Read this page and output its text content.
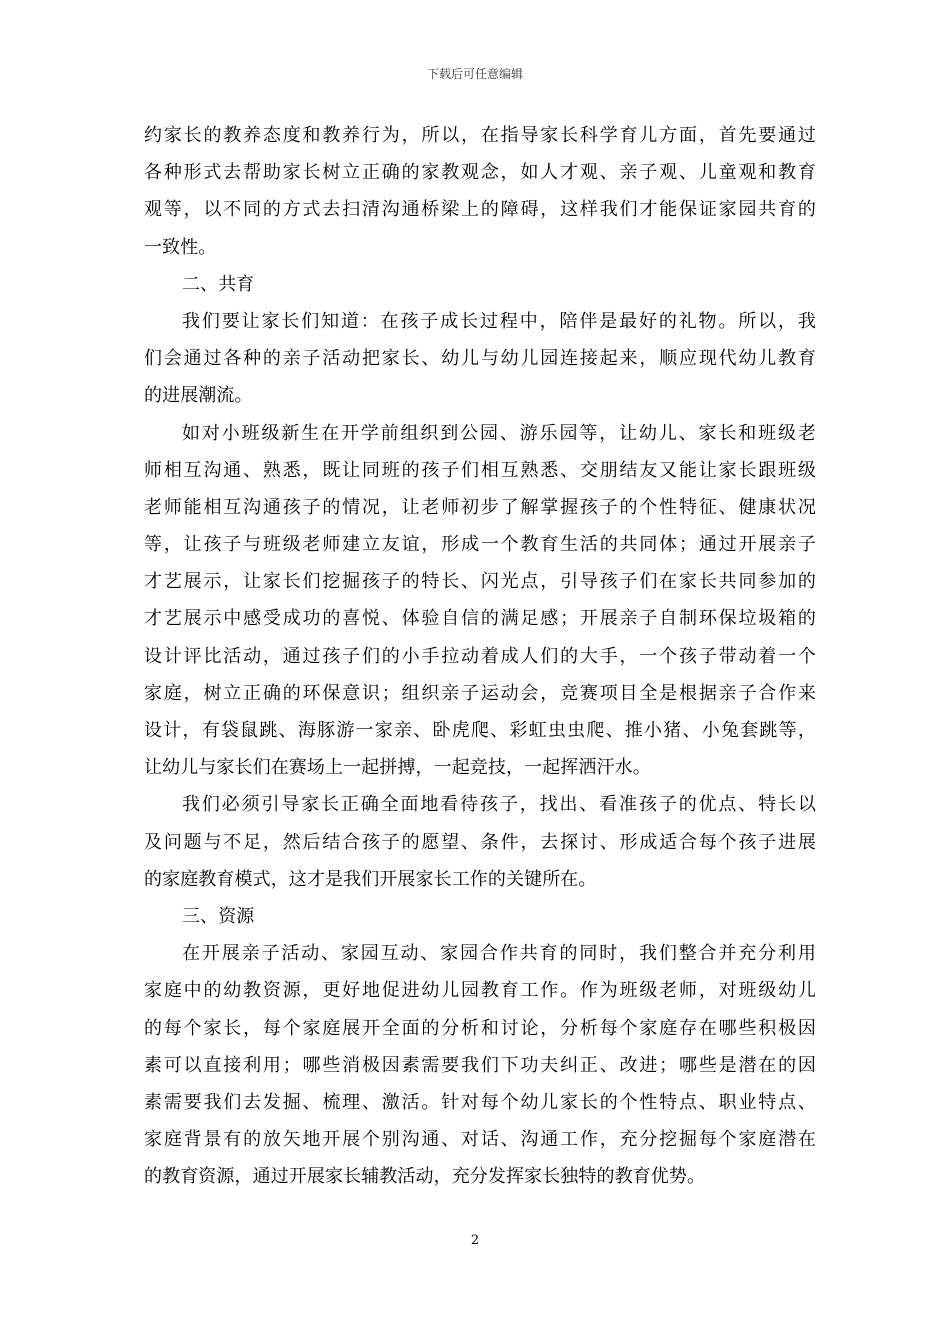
下载后可任意编辑
约家长的教养态度和教养行为，所以，在指导家长科学育儿方面，首先要通过
各种形式去帮助家长树立正确的家教观念，如人才观、亲子观、儿童观和教育
观等，以不同的方式去扫清沟通桥梁上的障碍，这样我们才能保证家园共育的
一致性。
二、共育
我们要让家长们知道：在孩子成长过程中，陪伴是最好的礼物。所以，我
们会通过各种的亲子活动把家长、幼儿与幼儿园连接起来，顺应现代幼儿教育
的进展潮流。
如对小班级新生在开学前组织到公园、游乐园等，让幼儿、家长和班级老
师相互沟通、熟悉，既让同班的孩子们相互熟悉、交朋结友又能让家长跟班级
老师能相互沟通孩子的情况，让老师初步了解掌握孩子的个性特征、健康状况
等，让孩子与班级老师建立友谊，形成一个教育生活的共同体；通过开展亲子
才艺展示，让家长们挖掘孩子的特长、闪光点，引导孩子们在家长共同参加的
才艺展示中感受成功的喜悦、体验自信的满足感；开展亲子自制环保垃圾箱的
设计评比活动，通过孩子们的小手拉动着成人们的大手，一个孩子带动着一个
家庭，树立正确的环保意识；组织亲子运动会，竞赛项目全是根据亲子合作来
设计，有袋鼠跳、海豚游一家亲、卧虎爬、彩虹虫虫爬、推小猪、小兔套跳等，
让幼儿与家长们在赛场上一起拼搏，一起竞技，一起挥洒汗水。
我们必须引导家长正确全面地看待孩子，找出、看准孩子的优点、特长以
及问题与不足，然后结合孩子的愿望、条件，去探讨、形成适合每个孩子进展
的家庭教育模式，这才是我们开展家长工作的关键所在。
三、资源
在开展亲子活动、家园互动、家园合作共育的同时，我们整合并充分利用
家庭中的幼教资源，更好地促进幼儿园教育工作。作为班级老师，对班级幼儿
的每个家长，每个家庭展开全面的分析和讨论，分析每个家庭存在哪些积极因
素可以直接利用；哪些消极因素需要我们下功夫纠正、改进；哪些是潜在的因
素需要我们去发掘、梳理、激活。针对每个幼儿家长的个性特点、职业特点、
家庭背景有的放矢地开展个别沟通、对话、沟通工作，充分挖掘每个家庭潜在
的教育资源，通过开展家长辅教活动，充分发挥家长独特的教育优势。
2
